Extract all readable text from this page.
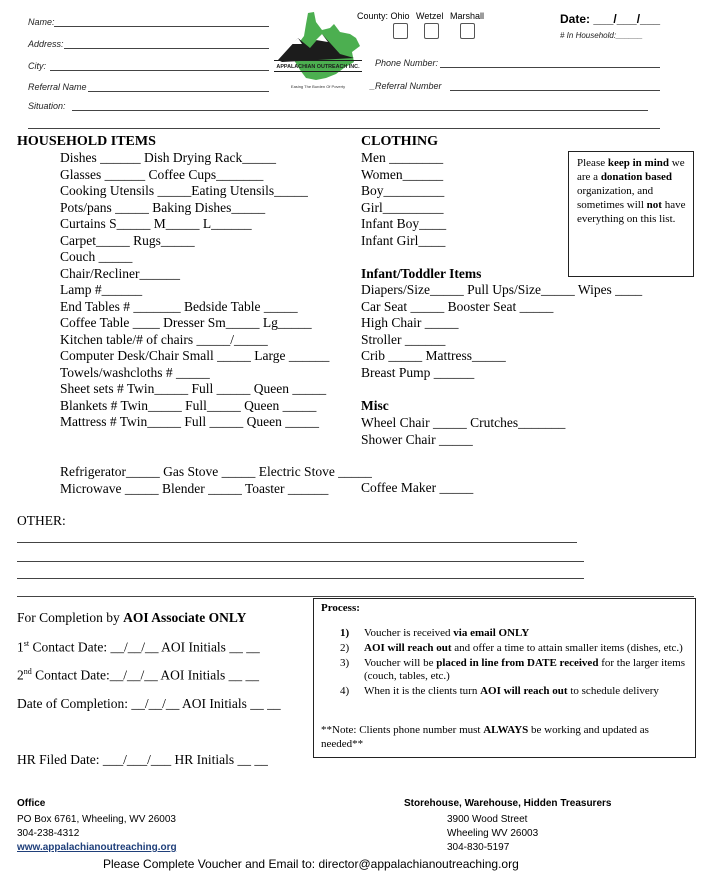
Name:
Address:
City:
Referral Name
Situation:
APPALACHIAN OUTREACH INC.
Easing The Burden Of Poverty
County: Ohio Wetzel Marshall	Date: ___/___/___
# In Household:______
Phone Number:
_Referral Number
HOUSEHOLD ITEMS
Dishes ______ Dish Drying Rack_____
Glasses ______ Coffee Cups_______
Cooking Utensils _____Eating Utensils_____
Pots/pans _____ Baking Dishes_____
Curtains S_____ M_____ L______
Carpet_____ Rugs_____
Couch _____
Chair/Recliner______
Lamp #______
End Tables # _______ Bedside Table _____
Coffee Table ____ Dresser Sm_____ Lg_____
Kitchen table/# of chairs _____/_____
Computer Desk/Chair Small _____ Large ______
Towels/washcloths # _____
Sheet sets # Twin_____ Full _____ Queen _____
Blankets # Twin_____ Full_____ Queen _____
Mattress # Twin_____ Full _____ Queen _____
Refrigerator_____ Gas Stove _____ Electric Stove _____
Microwave _____ Blender _____ Toaster ______
CLOTHING
Men ________
Women______
Boy_________
Girl_________
Infant Boy____
Infant Girl____
Please keep in mind we are a donation based organization, and sometimes will not have everything on this list.
Infant/Toddler Items
Diapers/Size_____ Pull Ups/Size_____ Wipes ____
Car Seat _____ Booster Seat _____
High Chair _____
Stroller ______
Crib _____ Mattress_____
Breast Pump ______
Misc
Wheel Chair _____ Crutches_______
Shower Chair _____
Coffee Maker _____
OTHER:
For Completion by AOI Associate ONLY
1st Contact Date: __/__/__ AOI Initials __ __
2nd Contact Date:__/__/__ AOI Initials __ __
Date of Completion: __/__/__ AOI Initials __ __
HR Filed Date: ___/___/___ HR Initials __ __
Process:
1) Voucher is received via email ONLY
2) AOI will reach out and offer a time to attain smaller items (dishes, etc.)
3) Voucher will be placed in line from DATE received for the larger items (couch, tables, etc.)
4) When it is the clients turn AOI will reach out to schedule delivery
**Note: Clients phone number must ALWAYS be working and updated as needed**
Office
PO Box 6761, Wheeling, WV 26003
304-238-4312
www.appalachianoutreaching.org
Storehouse, Warehouse, Hidden Treasurers
3900 Wood Street
Wheeling WV 26003
304-830-5197
Please Complete Voucher and Email to: director@appalachianoutreaching.org
